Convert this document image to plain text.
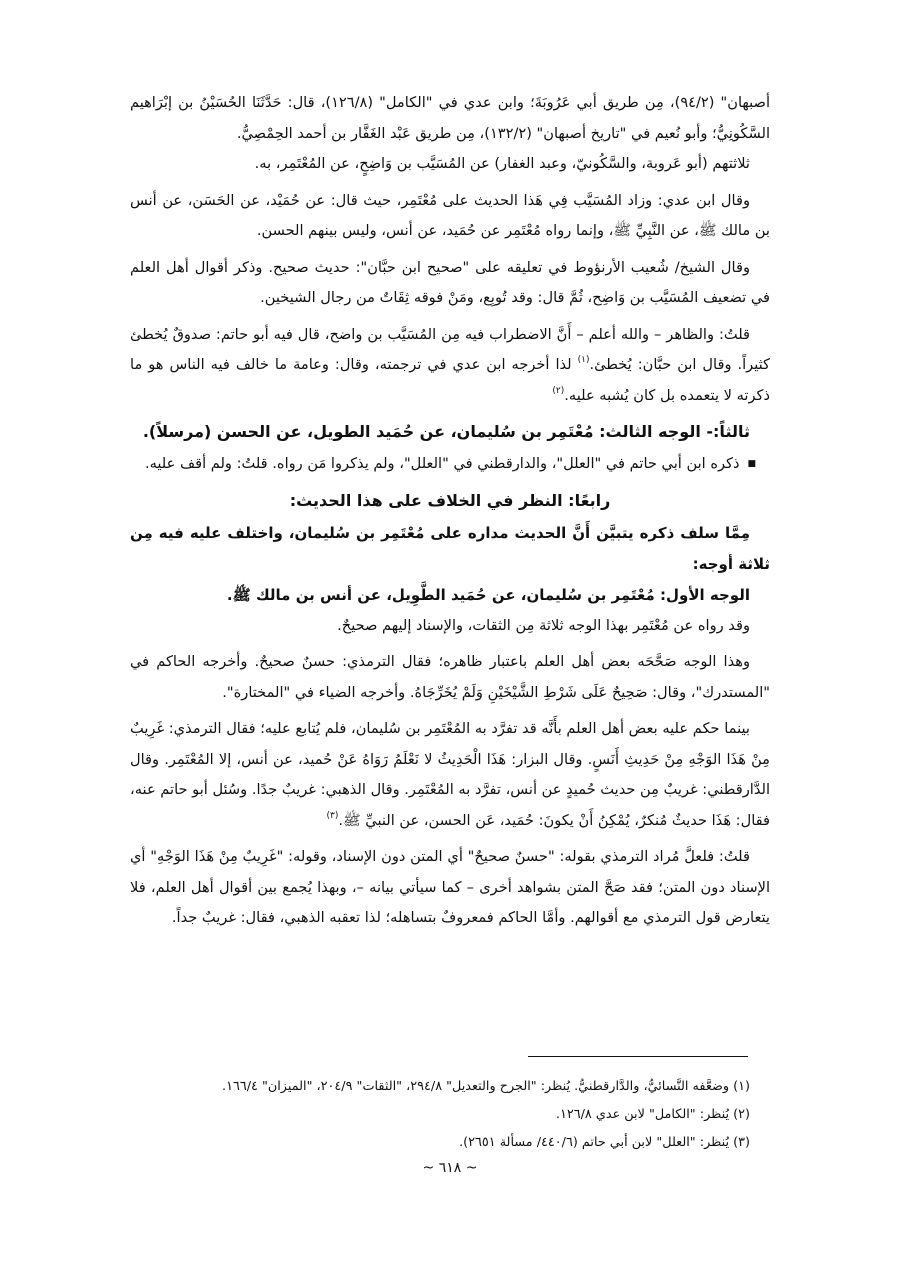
أصبهان" (٩٤/٢)، مِن طريق أبي عَرُوبَةَ؛ وابن عدي في "الكامل" (١٢٦/٨)، قال: حَدَّثَنَا الحُسَيْنُ بن إبْرَاهيم السَّكُونِيُّ؛ وأبو نُعيم في "تاريخ أصبهان" (١٣٢/٢)، مِن طريق عَبْد الغَفَّار بن أحمد الحِمْصِيُّ.

ثلاثتهم (أبو عَروبة، والسَّكُونيّ، وعبد الغفار) عن المُسَيَّب بن وَاضِحٍ، عن المُعْتَمِر، به.

وقال ابن عدي: وزاد المُسَيَّب فِي هَذا الحديث على مُعْتَمِر، حيث قال: عن حُمَيْد، عن الحَسَن، عن أنس بن مالك ﷺ، عن النَّبِيِّ ﷺ، وإنما رواه مُعْتَمِر عن حُمَيد، عن أنس، وليس بينهم الحسن.

وقال الشيخ/ شُعيب الأرنؤوط في تعليقه على "صحيح ابن حبَّان": حديث صحيح. وذكر أقوال أهل العلم في تضعيف المُسَيَّب بن وَاضِح، ثُمَّ قال: وقد تُوبِع، ومَنْ فوقه ثِقَاتٌ من رجال الشيخين.

قلتُ: والظاهر – والله أعلم – أَنَّ الاضطراب فيه مِن المُسَيَّب بن واضح، قال فيه أبو حاتم: صدوقٌ يُخطئ كثيراً. وقال ابن حبَّان: يُخطئ.$^{(١)}$ لذا أخرجه ابن عدي في ترجمته، وقال: وعامة ما خالف فيه الناس هو ما ذكرته لا يتعمده بل كان يُشبه عليه.$^{(٢)}$

ثالثاً:- الوجه الثالث: مُعْتَمِر بن سُليمان، عن حُمَيد الطويل، عن الحسن (مرسلاً).

■

ذكره ابن أبي حاتم في "العلل"، والدارقطني في "العلل"، ولم يذكروا مَن رواه. قلتُ: ولم أقف عليه.

رابعًا: النظر في الخلاف على هذا الحديث:

مِمَّا سلف ذكره يتبيَّن أَنَّ الحديث مداره على مُعْتَمِر بن سُليمان، واختلف عليه فيه مِن ثلاثة أوجه:

الوجه الأول: مُعْتَمِر بن سُليمان، عن حُمَيد الطَّوِيل، عن أنس بن مالك ﷺ.

وقد رواه عن مُعْتَمِر بهذا الوجه ثلاثة مِن الثقات، والإسناد إليهم صحيحٌ.

وهذا الوجه صَحَّحَه بعض أهل العلم باعتبار ظاهره؛ فقال الترمذي: حسنٌ صحيحٌ. وأخرجه الحاكم في "المستدرك"، وقال: صَحِيحٌ عَلَى شَرْطِ الشَّيْخَيْنِ وَلَمْ يُخَرِّجَاهُ. وأخرجه الضياء في "المختارة".

بينما حكم عليه بعض أهل العلم بأَنَّه قد تفرَّد به المُعْتَمِر بن سُليمان، فلم يُتابع عليه؛ فقال الترمذي: غَرِيبٌ مِنْ هَذَا الوَجْهِ مِنْ حَدِيثِ أَنَسٍ. وقال البزار: هَذَا الْحَدِيثُ لا نَعْلَمُ رَوَاهُ عَنْ حُميد، عن أنس، إلا المُعْتَمِر. وقال الدَّارقطني: غريبٌ مِن حديث حُميدٍ عن أنس، تفرَّد به المُعْتَمِر. وقال الذهبي: غريبٌ جدًا. وسُئل أبو حاتم عنه، فقال: هَذَا حديثٌ مُنكرٌ، يُمْكِنُ أَنْ يكونَ: حُمَيد، عَن الحسن، عن النبيِّ ﷺ.$^{(٣)}$

قلتُ: فلعلَّ مُراد الترمذي بقوله: "حسنٌ صحيحٌ" أي المتن دون الإسناد، وقوله: "غَرِيبٌ مِنْ هَذَا الوَجْهِ" أي الإسناد دون المتن؛ فقد صَحَّ المتن بشواهد أخرى – كما سيأتي بيانه –، وبهذا يُجمع بين أقوال أهل العلم، فلا يتعارض قول الترمذي مع أقوالهم. وأمَّا الحاكم فمعروفٌ بتساهله؛ لذا تعقبه الذهبي، فقال: غريبٌ جداً.

(١) وضعَّفه النَّسائيُّ، والدَّارقطنيُّ. يُنظر: "الجرح والتعديل" ٢٩٤/٨، "الثقات" ٢٠٤/٩، "الميزان" ١٦٦/٤.

(٢) يُنظر: "الكامل" لابن عدي ١٢٦/٨.

(٣) يُنظر: "العلل" لابن أبي حاتم (٤٤٠/٦/ مسألة ٢٦٥١).

~ ٦١٨ ~
